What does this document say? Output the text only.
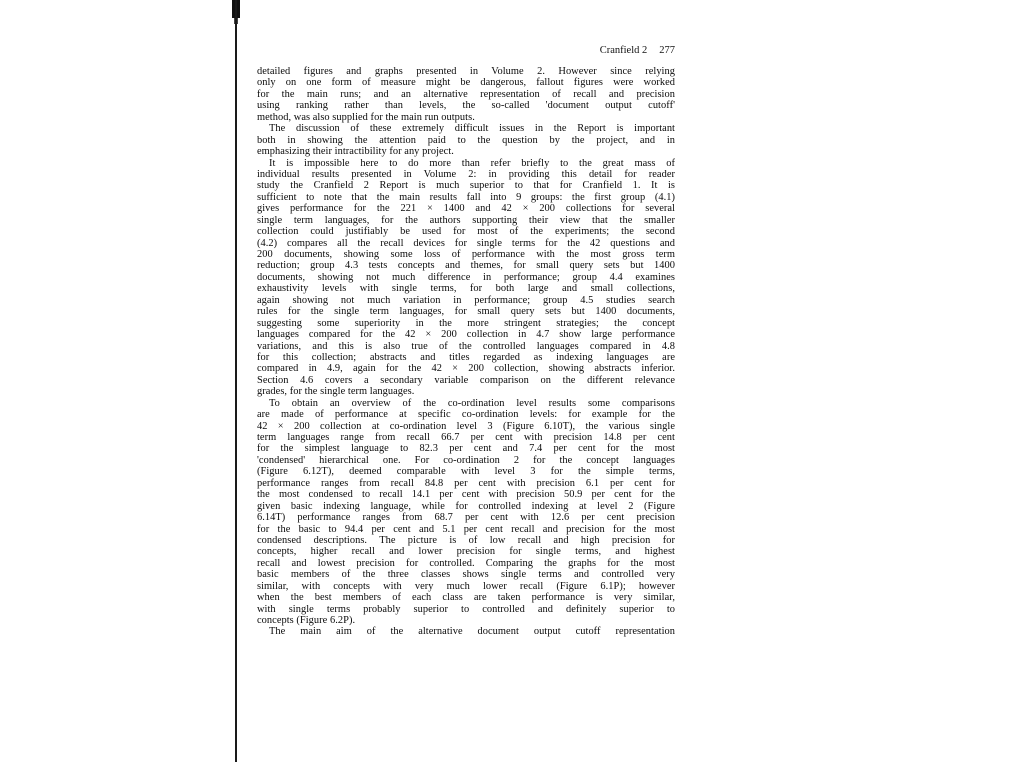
Cranfield 2 277
detailed figures and graphs presented in Volume 2. However since relying
only on one form of measure might be dangerous, fallout figures were worked
for the main runs; and an alternative representation of recall and precision
using ranking rather than levels, the so-called 'document output cutoff'
method, was also supplied for the main run outputs.
The discussion of these extremely difficult issues in the Report is important
both in showing the attention paid to the question by the project, and in
emphasizing their intractibility for any project.
It is impossible here to do more than refer briefly to the great mass of
individual results presented in Volume 2: in providing this detail for reader
study the Cranfield 2 Report is much superior to that for Cranfield 1. It is
sufficient to note that the main results fall into 9 groups: the first group (4.1)
gives performance for the 221 × 1400 and 42 × 200 collections for several
single term languages, for the authors supporting their view that the smaller
collection could justifiably be used for most of the experiments; the second
(4.2) compares all the recall devices for single terms for the 42 questions and
200 documents, showing some loss of performance with the most gross term
reduction; group 4.3 tests concepts and themes, for small query sets but 1400
documents, showing not much difference in performance; group 4.4 examines
exhaustivity levels with single terms, for both large and small collections,
again showing not much variation in performance; group 4.5 studies search
rules for the single term languages, for small query sets but 1400 documents,
suggesting some superiority in the more stringent strategies; the concept
languages compared for the 42 × 200 collection in 4.7 show large performance
variations, and this is also true of the controlled languages compared in 4.8
for this collection; abstracts and titles regarded as indexing languages are
compared in 4.9, again for the 42 × 200 collection, showing abstracts inferior.
Section 4.6 covers a secondary variable comparison on the different relevance
grades, for the single term languages.
To obtain an overview of the co-ordination level results some comparisons
are made of performance at specific co-ordination levels: for example for the
42 × 200 collection at co-ordination level 3 (Figure 6.10T), the various single
term languages range from recall 66.7 per cent with precision 14.8 per cent
for the simplest language to 82.3 per cent and 7.4 per cent for the most
'condensed' hierarchical one. For co-ordination 2 for the concept languages
(Figure 6.12T), deemed comparable with level 3 for the simple terms,
performance ranges from recall 84.8 per cent with precision 6.1 per cent for
the most condensed to recall 14.1 per cent with precision 50.9 per cent for the
given basic indexing language, while for controlled indexing at level 2 (Figure
6.14T) performance ranges from 68.7 per cent with 12.6 per cent precision
for the basic to 94.4 per cent and 5.1 per cent recall and precision for the most
condensed descriptions. The picture is of low recall and high precision for
concepts, higher recall and lower precision for single terms, and highest
recall and lowest precision for controlled. Comparing the graphs for the most
basic members of the three classes shows single terms and controlled very
similar, with concepts with very much lower recall (Figure 6.1P); however
when the best members of each class are taken performance is very similar,
with single terms probably superior to controlled and definitely superior to
concepts (Figure 6.2P).
The main aim of the alternative document output cutoff representation
